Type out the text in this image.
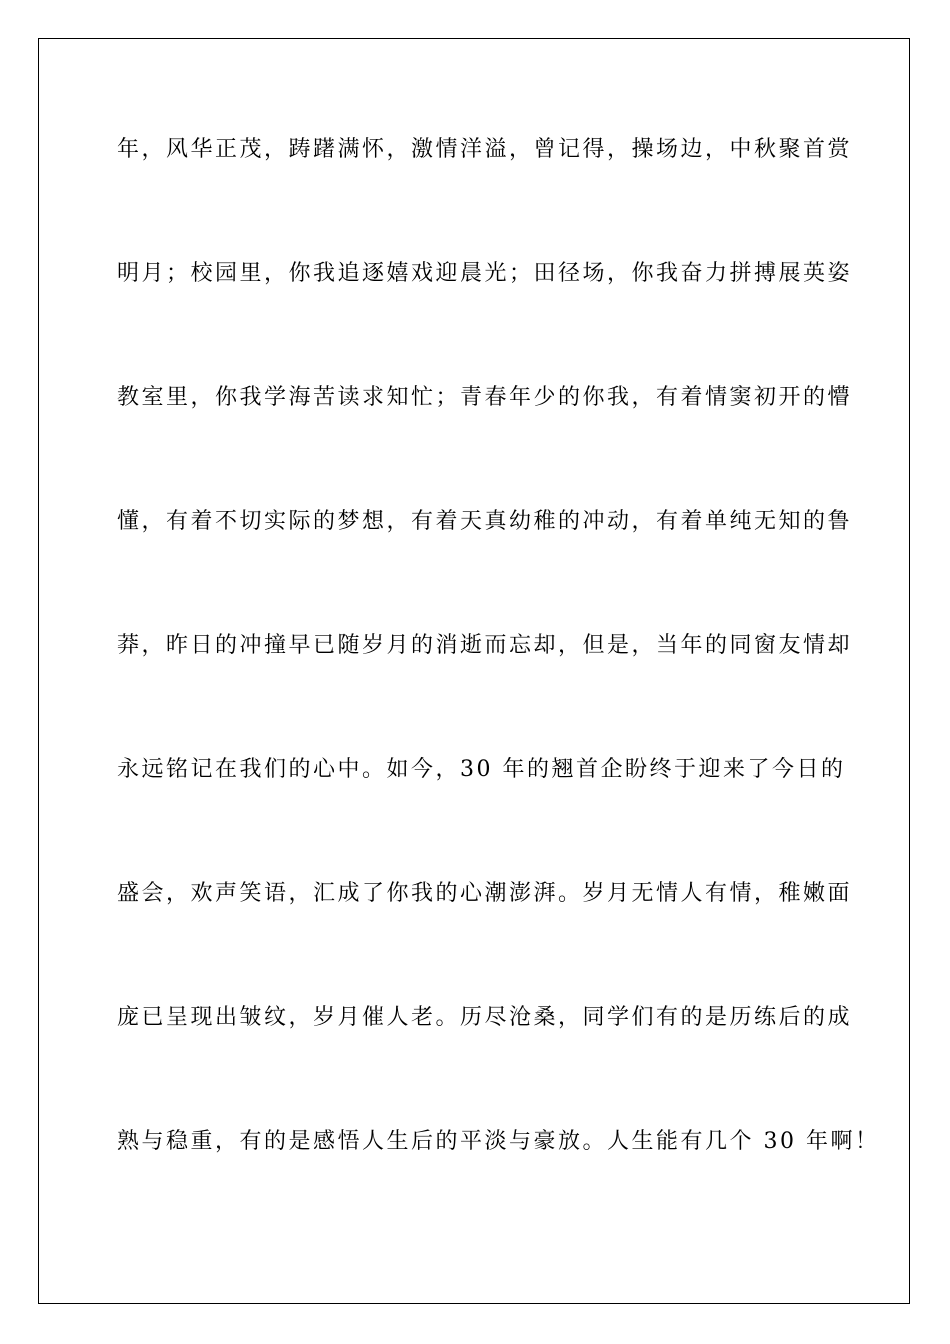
年，风华正茂，踌躇满怀，激情洋溢，曾记得，操场边，中秋聚首赏
明月；校园里，你我追逐嬉戏迎晨光；田径场，你我奋力拼搏展英姿
教室里，你我学海苦读求知忙；青春年少的你我，有着情窦初开的懵
懂，有着不切实际的梦想，有着天真幼稚的冲动，有着单纯无知的鲁
莽，昨日的冲撞早已随岁月的消逝而忘却，但是，当年的同窗友情却
永远铭记在我们的心中。如今，30 年的翘首企盼终于迎来了今日的
盛会，欢声笑语，汇成了你我的心潮澎湃。岁月无情人有情，稚嫩面
庞已呈现出皱纹，岁月催人老。历尽沧桑，同学们有的是历练后的成
熟与稳重，有的是感悟人生后的平淡与豪放。人生能有几个 30 年啊！
